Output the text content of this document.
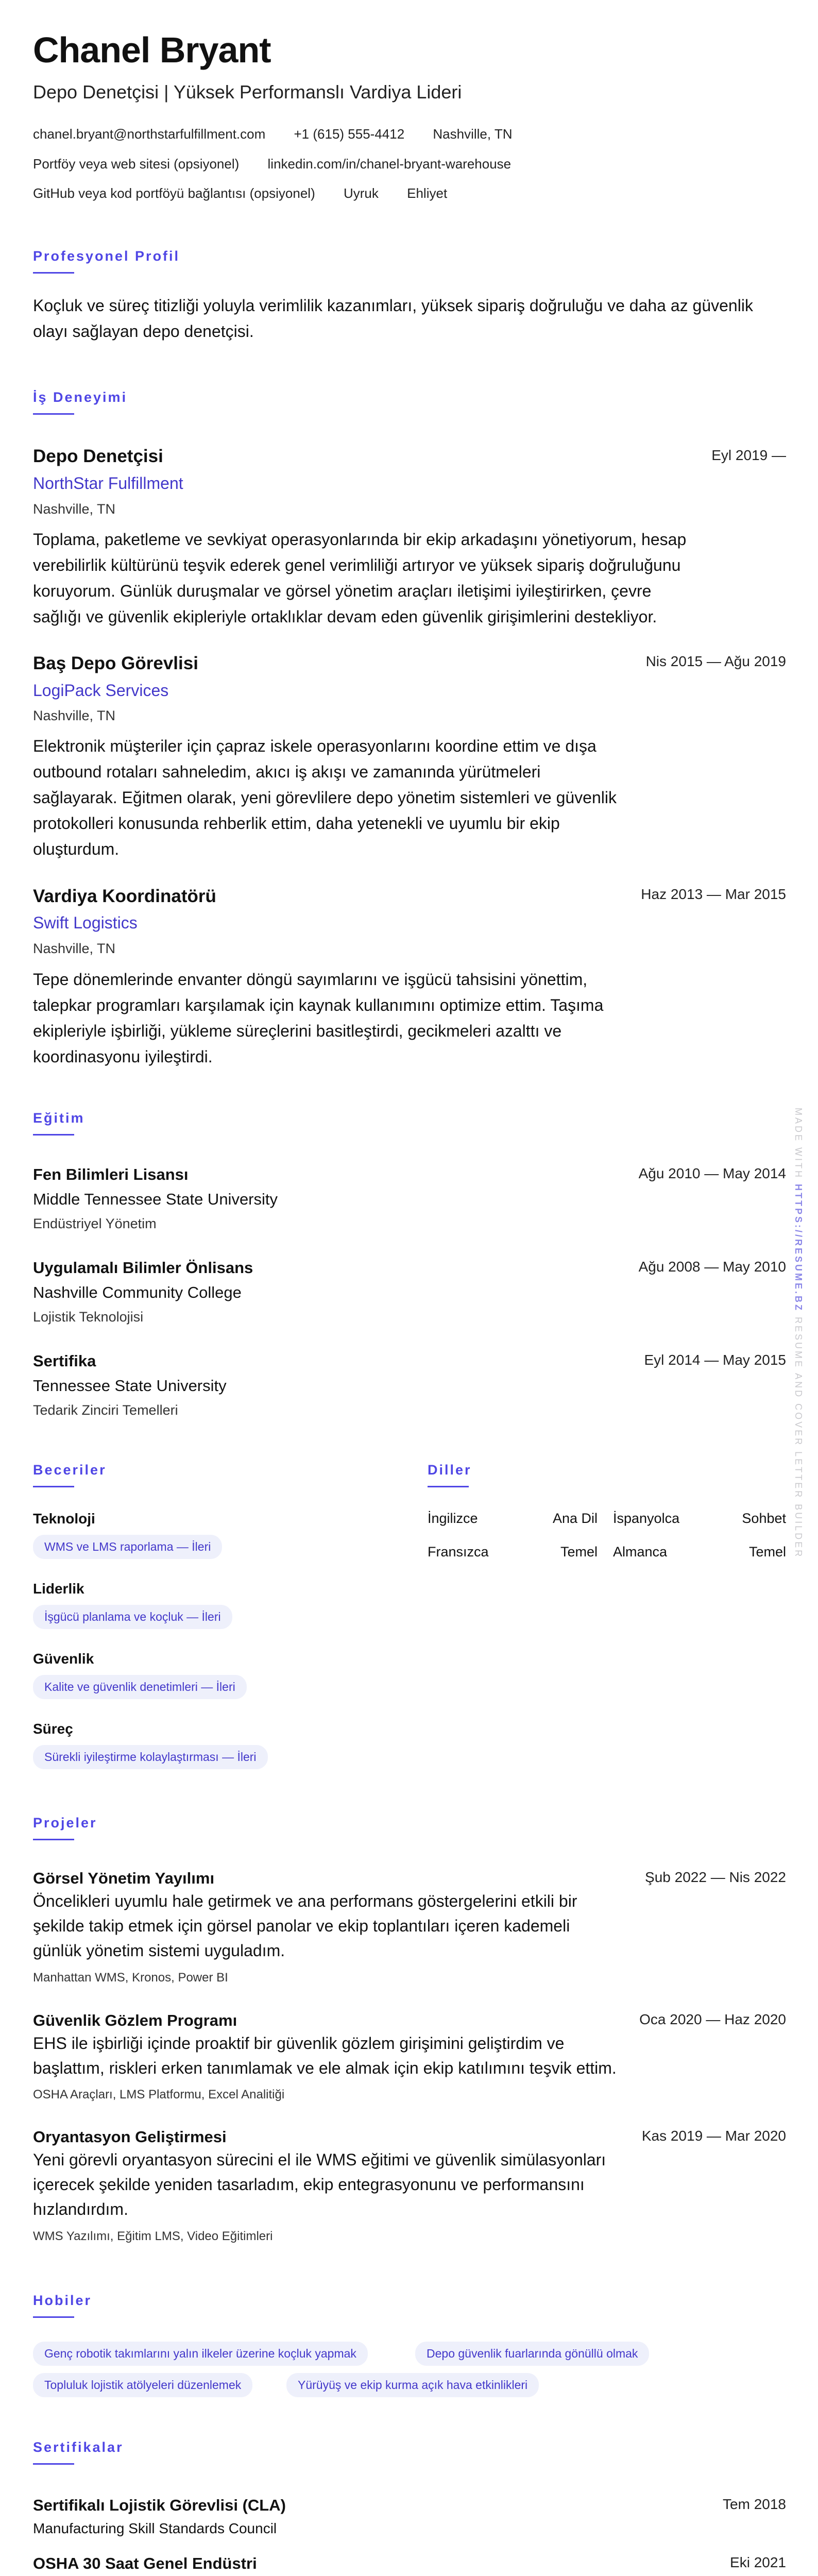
Chanel Bryant
Depo Denetçisi | Yüksek Performanslı Vardiya Lideri
chanel.bryant@northstarfulfillment.com +1 (615) 555-4412 Nashville, TN
Portföy veya web sitesi (opsiyonel) linkedin.com/in/chanel-bryant-warehouse
GitHub veya kod portföyü bağlantısı (opsiyonel) Uyruk Ehliyet
Profesyonel Profil
Koçluk ve süreç titizliği yoluyla verimlilik kazanımları, yüksek sipariş doğruluğu ve daha az güvenlik
olayı sağlayan depo denetçisi.
İş Deneyimi
Depo Denetçisi	Eyl 2019 —
NorthStar Fulfillment
Nashville, TN
Toplama, paketleme ve sevkiyat operasyonlarında bir ekip arkadaşını yönetiyorum, hesap
verebilirlik kültürünü teşvik ederek genel verimliliği artıryor ve yüksek sipariş doğruluğunu
koruyorum. Günlük duruşmalar ve görsel yönetim araçları iletişimi iyileştirirken, çevre
sağlığı ve güvenlik ekipleriyle ortaklıklar devam eden güvenlik girişimlerini destekliyor.
Baş Depo Görevlisi	Nis 2015 — Ağu 2019
LogiPack Services
Nashville, TN
Elektronik müşteriler için çapraz iskele operasyonlarını koordine ettim ve dışa
outbound rotaları sahneledim, akıcı iş akışı ve zamanında yürütmeleri
sağlayarak. Eğitmen olarak, yeni görevlilere depo yönetim sistemleri ve güvenlik
protokolleri konusunda rehberlik ettim, daha yetenekli ve uyumlu bir ekip
oluşturdum.
Vardiya Koordinatörü	Haz 2013 — Mar 2015
Swift Logistics
Nashville, TN
Tepe dönemlerinde envanter döngü sayımlarını ve işgücü tahsisini yönettim,
talepkar programları karşılamak için kaynak kullanımını optimize ettim. Taşıma
ekipleriyle işbirliği, yükleme süreçlerini basitleştirdi, gecikmeleri azalttı ve
koordinasyonu iyileştirdi.
Eğitim
Fen Bilimleri Lisansı	Ağu 2010 — May 2014
Middle Tennessee State University
Endüstriyel Yönetim
Uygulamalı Bilimler Önlisans	Ağu 2008 — May 2010
Nashville Community College
Lojistik Teknolojisi
Sertifika	Eyl 2014 — May 2015
Tennessee State University
Tedarik Zinciri Temelleri
Beceriler
Teknoloji
WMS ve LMS raporlama — İleri
Liderlik
İşgücü planlama ve koçluk — İleri
Güvenlik
Kalite ve güvenlik denetimleri — İleri
Süreç
Sürekli iyileştirme kolaylaştırması — İleri
Diller
İngilizce	Ana Dil İspanyolca	Sohbet
Fransızca	Temel Almanca	Temel
Projeler
Görsel Yönetim Yayılımı	Şub 2022 — Nis 2022
Öncelikleri uyumlu hale getirmek ve ana performans göstergelerini etkili bir
şekilde takip etmek için görsel panolar ve ekip toplantıları içeren kademeli
günlük yönetim sistemi uyguladım.
Manhattan WMS, Kronos, Power BI
Güvenlik Gözlem Programı	Oca 2020 — Haz 2020
EHS ile işbirliği içinde proaktif bir güvenlik gözlem girişimini geliştirdim ve
başlattım, riskleri erken tanımlamak ve ele almak için ekip katılımını teşvik ettim.
OSHA Araçları, LMS Platformu, Excel Analitiği
Oryantasyon Geliştirmesi	Kas 2019 — Mar 2020
Yeni görevli oryantasyon sürecini el ile WMS eğitimi ve güvenlik simülasyonları
içerecek şekilde yeniden tasarladım, ekip entegrasyonunu ve performansını
hızlandırdım.
WMS Yazılımı, Eğitim LMS, Video Eğitimleri
Hobiler
Genç robotik takımlarını yalın ilkeler üzerine koçluk yapmak	Depo güvenlik fuarlarında gönüllü olmak
Topluluk lojistik atölyeleri düzenlemek	Yürüyüş ve ekip kurma açık hava etkinlikleri
Sertifikalar
Sertifikalı Lojistik Görevlisi (CLA)	Tem 2018
Manufacturing Skill Standards Council
OSHA 30 Saat Genel Endüstri	Eki 2021
MADE WITH HTTPS://RESUME.BZ RESUME AND COVER LETTER BUILDER
